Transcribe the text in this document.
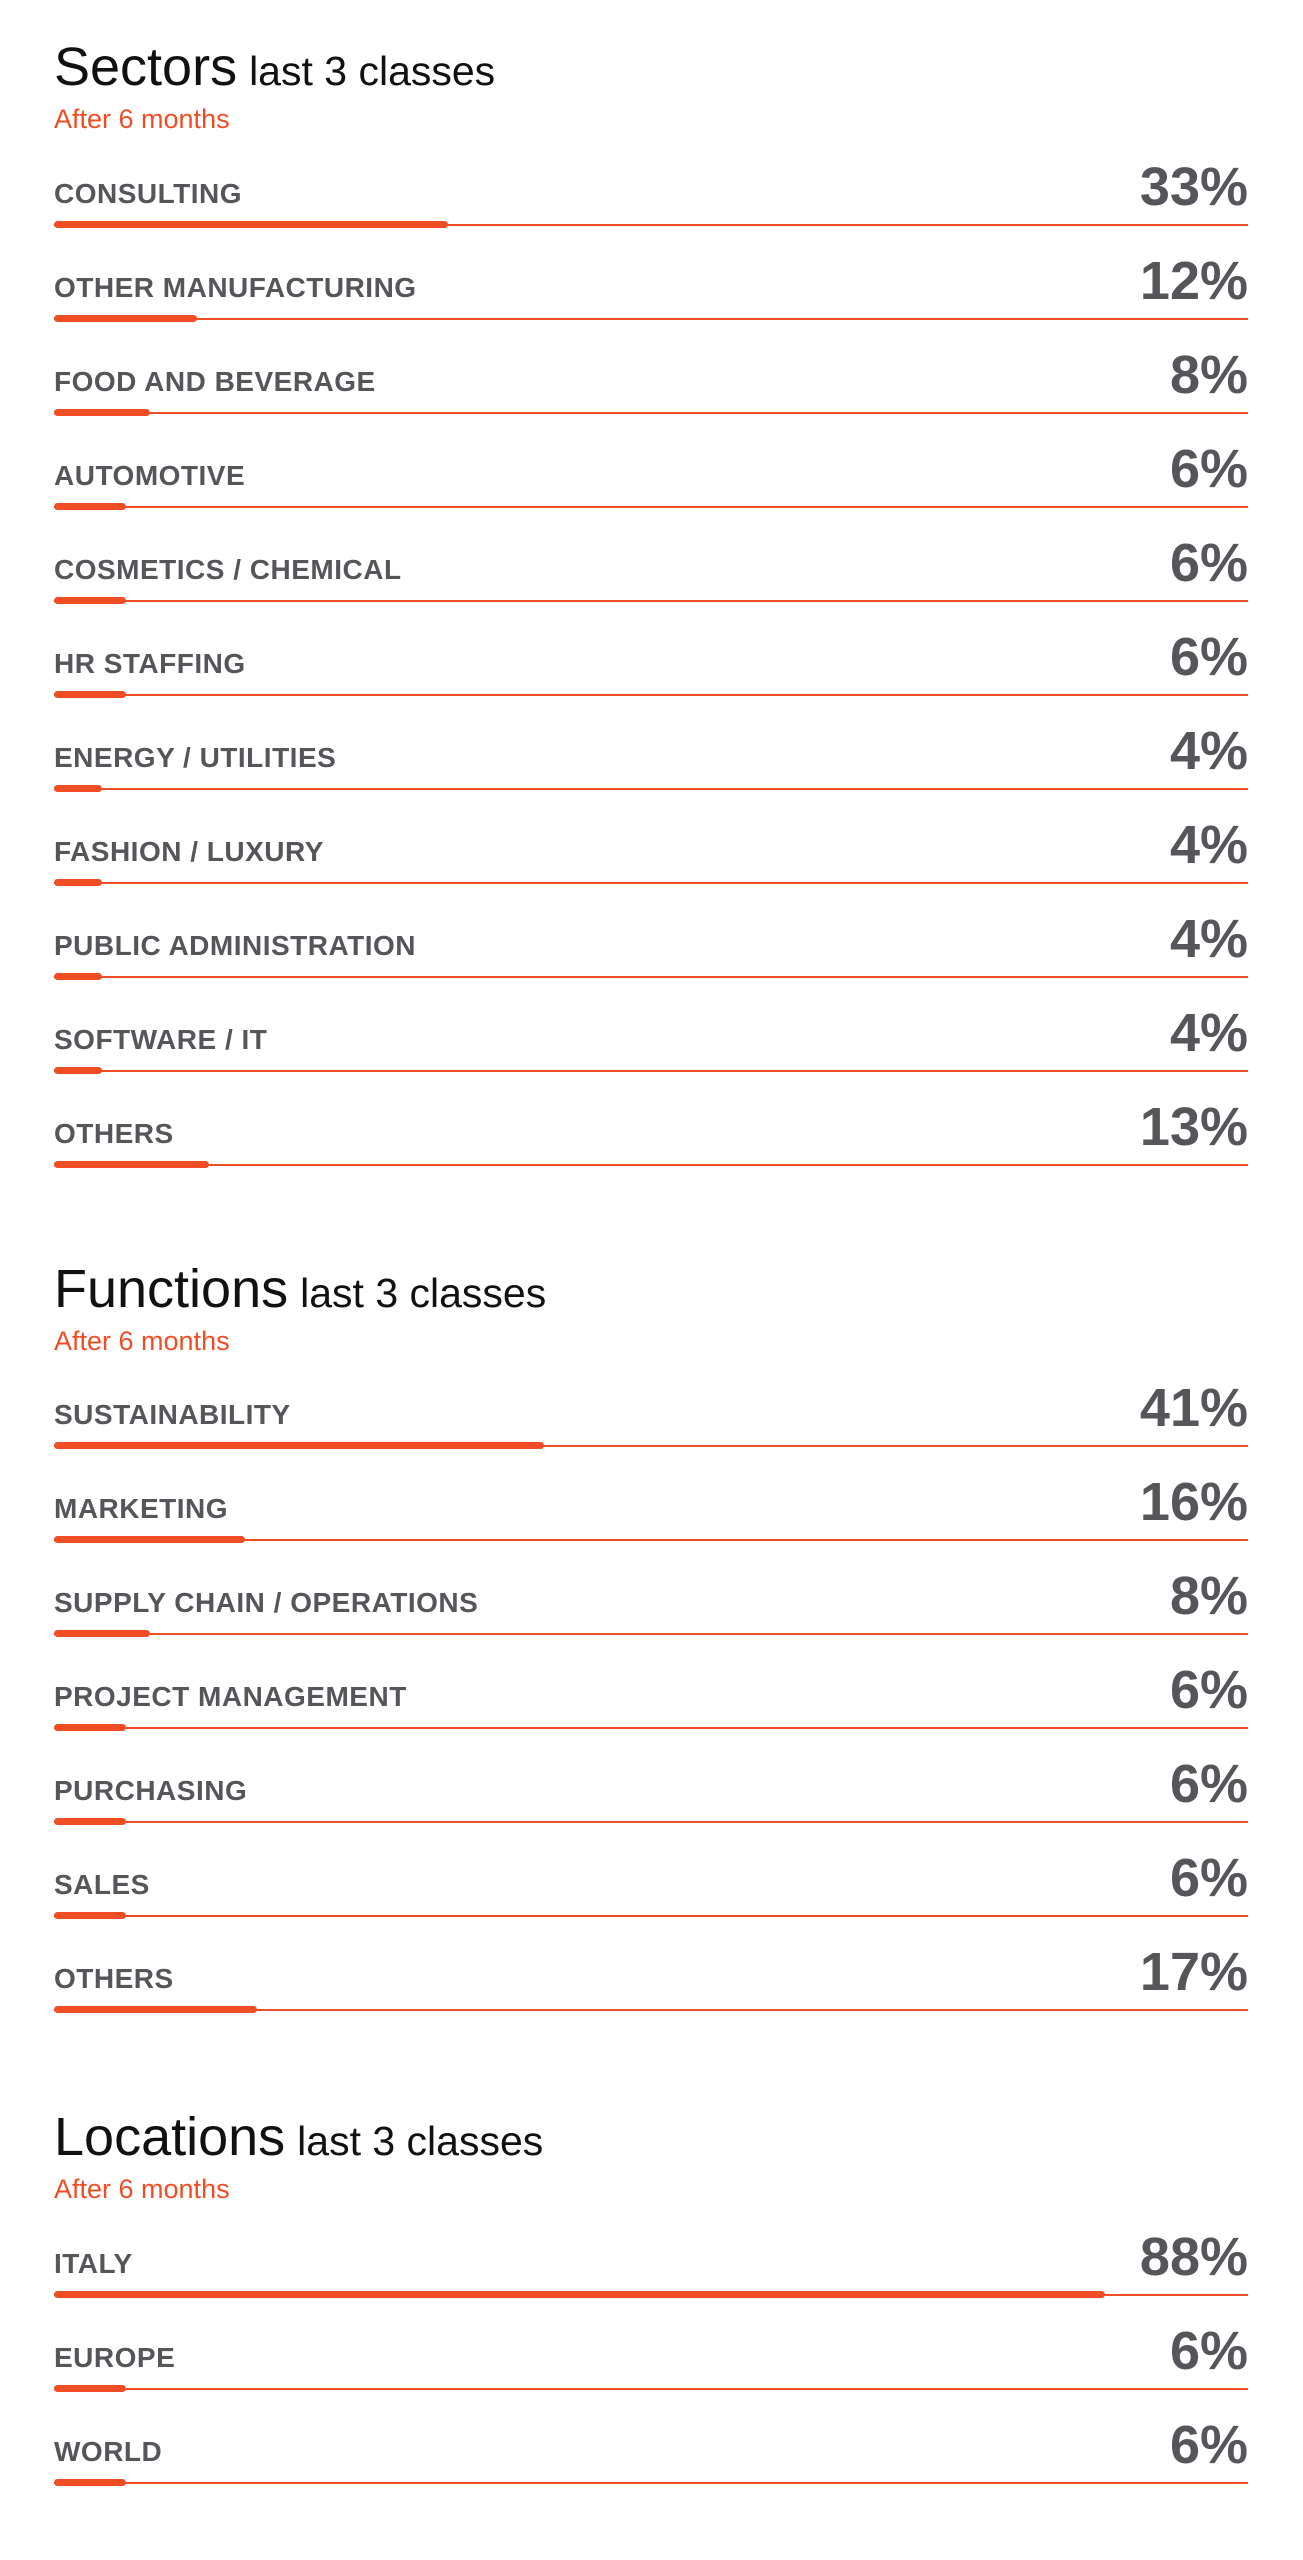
Sectors last 3 classes
After 6 months
CONSULTING	33%
OTHER MANUFACTURING	12%
FOOD AND BEVERAGE	8%
AUTOMOTIVE	6%
COSMETICS / CHEMICAL	6%
HR STAFFING	6%
ENERGY / UTILITIES	4%
FASHION / LUXURY	4%
PUBLIC ADMINISTRATION	4%
SOFTWARE / IT	4%
OTHERS	13%
Functions last 3 classes
After 6 months
SUSTAINABILITY	41%
MARKETING	16%
SUPPLY CHAIN / OPERATIONS	8%
PROJECT MANAGEMENT	6%
PURCHASING	6%
SALES	6%
OTHERS	17%
Locations last 3 classes
After 6 months
ITALY	88%
EUROPE	6%
WORLD	6%
